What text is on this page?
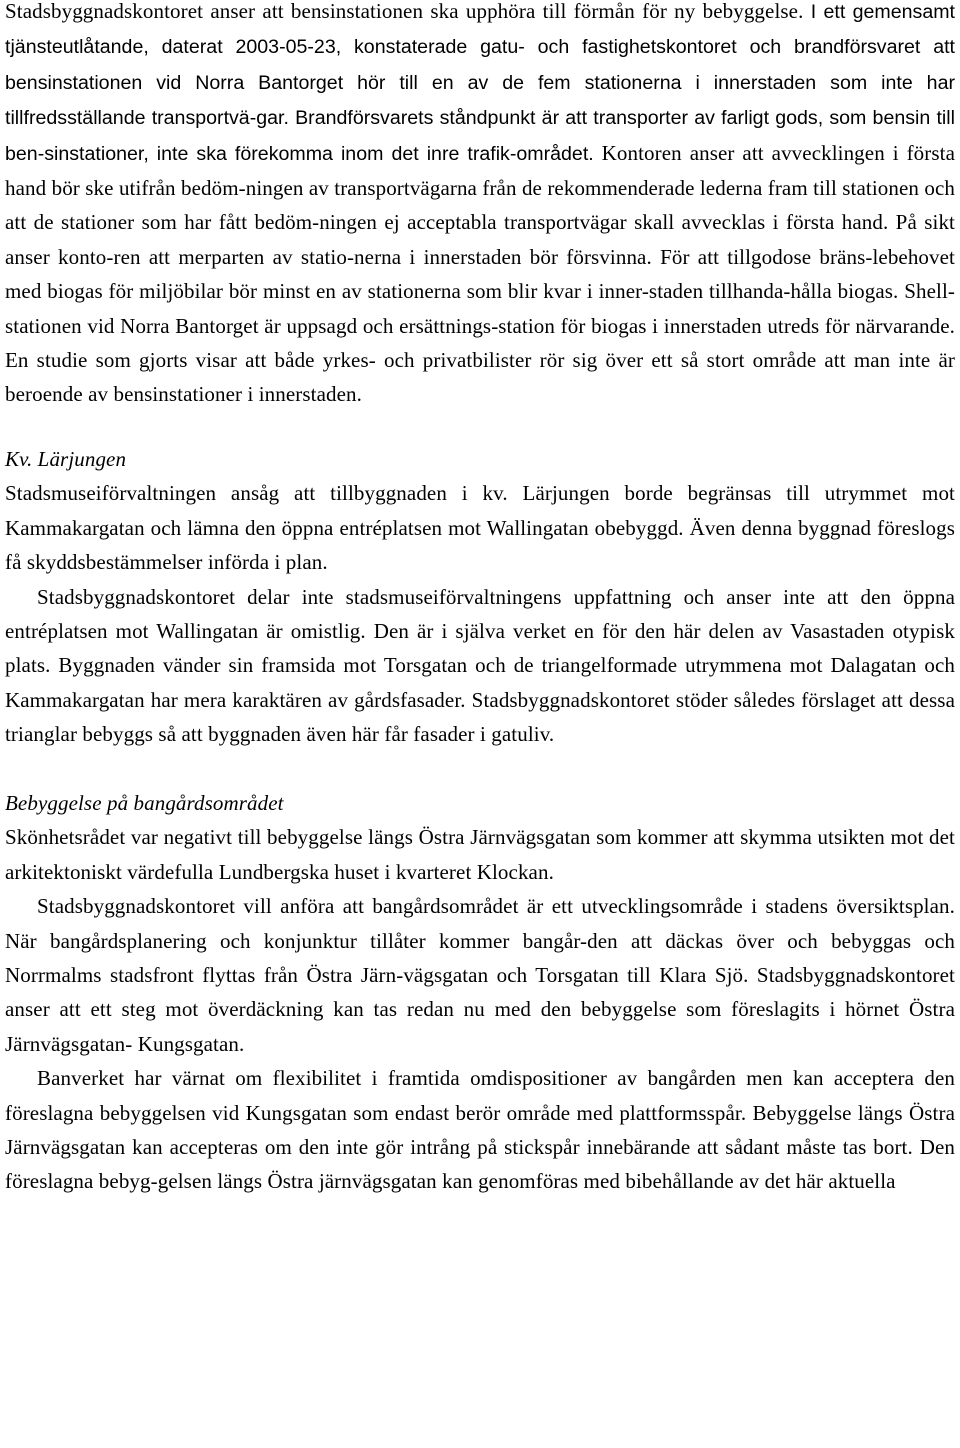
Stadsbyggnadskontoret anser att bensinstationen ska upphöra till förmån för ny bebyggelse. I ett gemensamt tjänsteutlåtande, daterat 2003-05-23, konstaterade gatu- och fastighetskontoret och brandförsvaret att bensinstationen vid Norra Bantorget hör till en av de fem stationerna i innerstaden som inte har tillfredsställande transportvä-gar. Brandförsvarets ståndpunkt är att transporter av farligt gods, som bensin till ben-sinstationer, inte ska förekomma inom det inre trafik-området. Kontoren anser att avvecklingen i första hand bör ske utifrån bedöm-ningen av transportvägarna från de rekommenderade lederna fram till stationen och att de stationer som har fått bedöm-ningen ej acceptabla transportvägar skall avvecklas i första hand. På sikt anser konto-ren att merparten av statio-nerna i innerstaden bör försvinna. För att tillgodose bräns-lebehovet med biogas för miljöbilar bör minst en av stationerna som blir kvar i inner-staden tillhanda-hålla biogas. Shell- stationen vid Norra Bantorget är uppsagd och ersättnings-station för biogas i innerstaden utreds för närvarande. En studie som gjorts visar att både yrkes- och privatbilister rör sig över ett så stort område att man inte är beroende av bensinstationer i innerstaden.

Kv. Lärjungen

Stadsmuseiförvaltningen ansåg att tillbyggnaden i kv. Lärjungen borde begränsas till utrymmet mot Kammakargatan och lämna den öppna entréplatsen mot Wallingatan obebyggd. Även denna byggnad föreslogs få skyddsbestämmelser införda i plan.

Stadsbyggnadskontoret delar inte stadsmuseiförvaltningens uppfattning och anser inte att den öppna entréplatsen mot Wallingatan är omistlig. Den är i själva verket en för den här delen av Vasastaden otypisk plats. Byggnaden vänder sin framsida mot Torsgatan och de triangelformade utrymmena mot Dalagatan och Kammakargatan har mera karaktären av gårdsfasader. Stadsbyggnadskontoret stöder således förslaget att dessa trianglar bebyggs så att byggnaden även här får fasader i gatuliv.

Bebyggelse på bangårdsområdet

Skönhetsrådet var negativt till bebyggelse längs Östra Järnvägsgatan som kommer att skymma utsikten mot det arkitektoniskt värdefulla Lundbergska huset i kvarteret Klockan.

Stadsbyggnadskontoret vill anföra att bangårdsområdet är ett utvecklingsområde i stadens översiktsplan. När bangårdsplanering och konjunktur tillåter kommer bangår-den att däckas över och bebyggas och Norrmalms stadsfront flyttas från Östra Järn-vägsgatan och Torsgatan till Klara Sjö. Stadsbyggnadskontoret anser att ett steg mot överdäckning kan tas redan nu med den bebyggelse som föreslagits i hörnet Östra Järnvägsgatan- Kungsgatan.

Banverket har värnat om flexibilitet i framtida omdispositioner av bangården men kan acceptera den föreslagna bebyggelsen vid Kungsgatan som endast berör område med plattformsspår. Bebyggelse längs Östra Järnvägsgatan kan accepteras om den inte gör intrång på stickspår innebärande att sådant måste tas bort. Den föreslagna bebyg-gelsen längs Östra järnvägsgatan kan genomföras med bibehållande av det här aktuella
